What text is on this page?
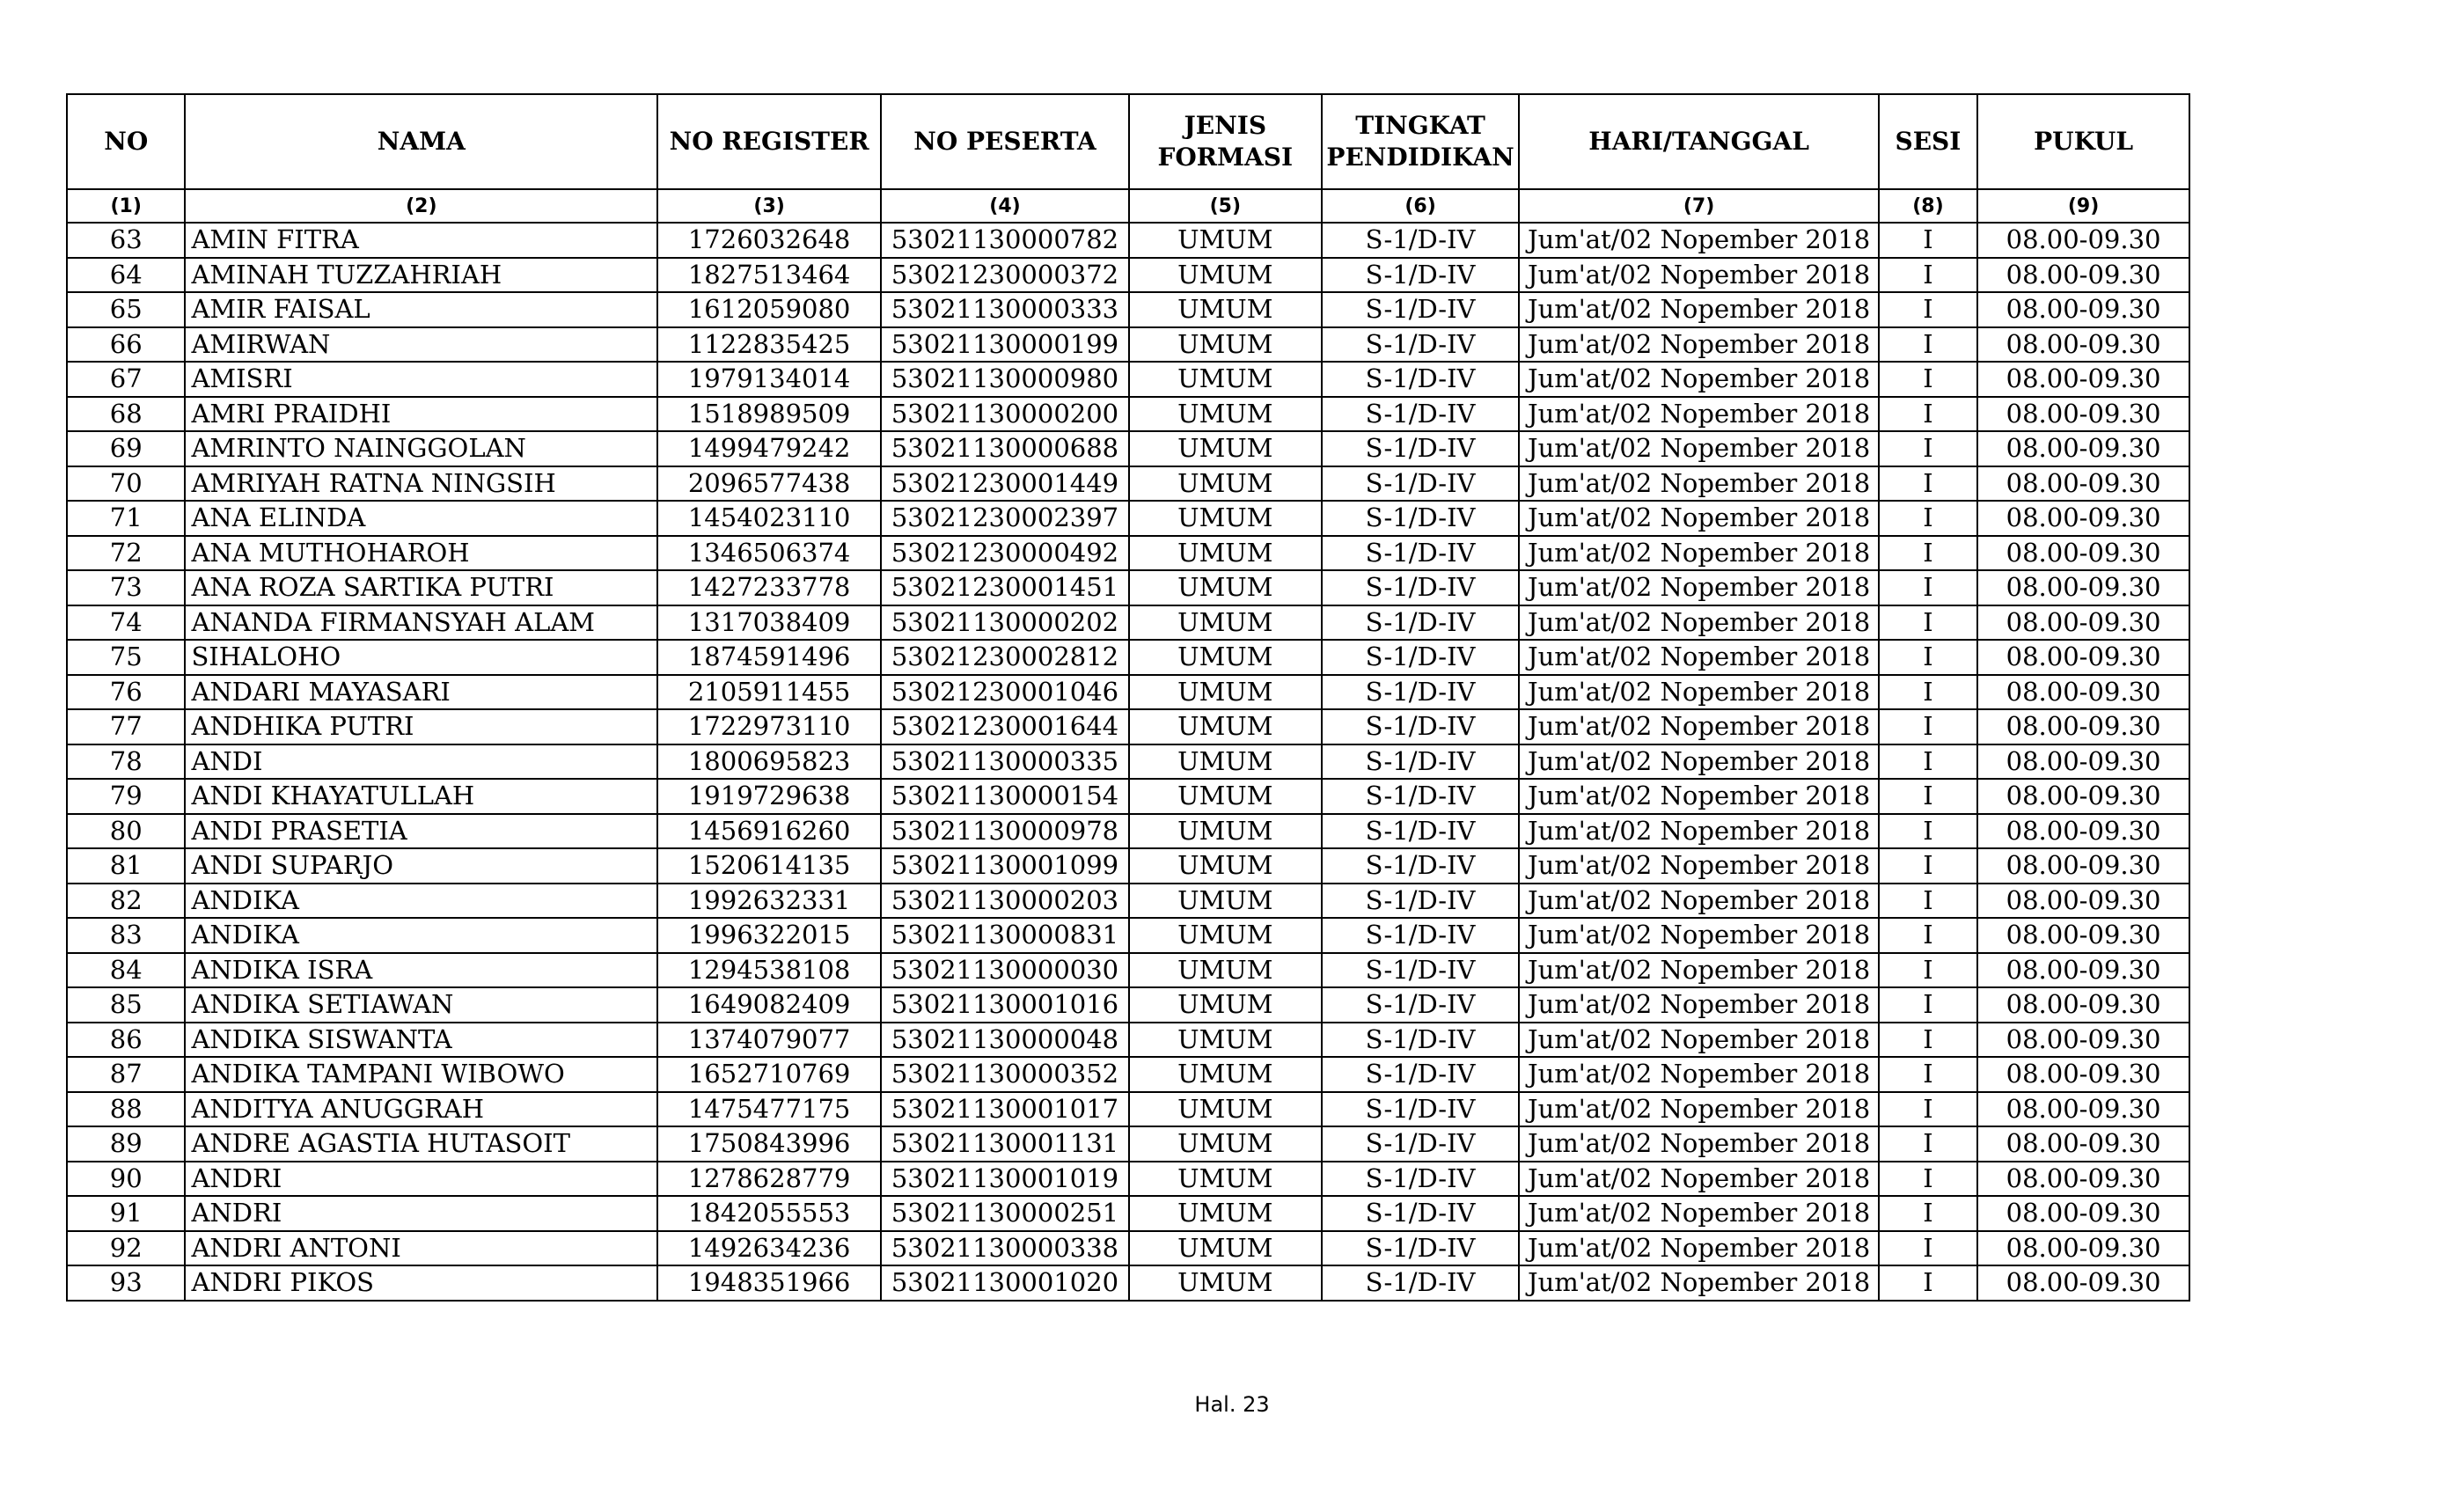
NO	NAMA	NO REGISTER	NO PESERTA	JENIS FORMASI	TINGKAT PENDIDIKAN	HARI/TANGGAL	SESI	PUKUL
(1)	(2)	(3)	(4)	(5)	(6)	(7)	(8)	(9)
63	AMIN FITRA	1726032648	53021130000782	UMUM	S-1/D-IV	Jum'at/02 Nopember 2018	I	08.00-09.30
64	AMINAH TUZZAHRIAH	1827513464	53021230000372	UMUM	S-1/D-IV	Jum'at/02 Nopember 2018	I	08.00-09.30
65	AMIR FAISAL	1612059080	53021130000333	UMUM	S-1/D-IV	Jum'at/02 Nopember 2018	I	08.00-09.30
66	AMIRWAN	1122835425	53021130000199	UMUM	S-1/D-IV	Jum'at/02 Nopember 2018	I	08.00-09.30
67	AMISRI	1979134014	53021130000980	UMUM	S-1/D-IV	Jum'at/02 Nopember 2018	I	08.00-09.30
68	AMRI PRAIDHI	1518989509	53021130000200	UMUM	S-1/D-IV	Jum'at/02 Nopember 2018	I	08.00-09.30
69	AMRINTO NAINGGOLAN	1499479242	53021130000688	UMUM	S-1/D-IV	Jum'at/02 Nopember 2018	I	08.00-09.30
70	AMRIYAH RATNA NINGSIH	2096577438	53021230001449	UMUM	S-1/D-IV	Jum'at/02 Nopember 2018	I	08.00-09.30
71	ANA ELINDA	1454023110	53021230002397	UMUM	S-1/D-IV	Jum'at/02 Nopember 2018	I	08.00-09.30
72	ANA MUTHOHAROH	1346506374	53021230000492	UMUM	S-1/D-IV	Jum'at/02 Nopember 2018	I	08.00-09.30
73	ANA ROZA SARTIKA PUTRI	1427233778	53021230001451	UMUM	S-1/D-IV	Jum'at/02 Nopember 2018	I	08.00-09.30
74	ANANDA FIRMANSYAH ALAM	1317038409	53021130000202	UMUM	S-1/D-IV	Jum'at/02 Nopember 2018	I	08.00-09.30
75	SIHALOHO	1874591496	53021230002812	UMUM	S-1/D-IV	Jum'at/02 Nopember 2018	I	08.00-09.30
76	ANDARI MAYASARI	2105911455	53021230001046	UMUM	S-1/D-IV	Jum'at/02 Nopember 2018	I	08.00-09.30
77	ANDHIKA PUTRI	1722973110	53021230001644	UMUM	S-1/D-IV	Jum'at/02 Nopember 2018	I	08.00-09.30
78	ANDI	1800695823	53021130000335	UMUM	S-1/D-IV	Jum'at/02 Nopember 2018	I	08.00-09.30
79	ANDI KHAYATULLAH	1919729638	53021130000154	UMUM	S-1/D-IV	Jum'at/02 Nopember 2018	I	08.00-09.30
80	ANDI PRASETIA	1456916260	53021130000978	UMUM	S-1/D-IV	Jum'at/02 Nopember 2018	I	08.00-09.30
81	ANDI SUPARJO	1520614135	53021130001099	UMUM	S-1/D-IV	Jum'at/02 Nopember 2018	I	08.00-09.30
82	ANDIKA	1992632331	53021130000203	UMUM	S-1/D-IV	Jum'at/02 Nopember 2018	I	08.00-09.30
83	ANDIKA	1996322015	53021130000831	UMUM	S-1/D-IV	Jum'at/02 Nopember 2018	I	08.00-09.30
84	ANDIKA ISRA	1294538108	53021130000030	UMUM	S-1/D-IV	Jum'at/02 Nopember 2018	I	08.00-09.30
85	ANDIKA SETIAWAN	1649082409	53021130001016	UMUM	S-1/D-IV	Jum'at/02 Nopember 2018	I	08.00-09.30
86	ANDIKA SISWANTA	1374079077	53021130000048	UMUM	S-1/D-IV	Jum'at/02 Nopember 2018	I	08.00-09.30
87	ANDIKA TAMPANI WIBOWO	1652710769	53021130000352	UMUM	S-1/D-IV	Jum'at/02 Nopember 2018	I	08.00-09.30
88	ANDITYA ANUGGRAH	1475477175	53021130001017	UMUM	S-1/D-IV	Jum'at/02 Nopember 2018	I	08.00-09.30
89	ANDRE AGASTIA HUTASOIT	1750843996	53021130001131	UMUM	S-1/D-IV	Jum'at/02 Nopember 2018	I	08.00-09.30
90	ANDRI	1278628779	53021130001019	UMUM	S-1/D-IV	Jum'at/02 Nopember 2018	I	08.00-09.30
91	ANDRI	1842055553	53021130000251	UMUM	S-1/D-IV	Jum'at/02 Nopember 2018	I	08.00-09.30
92	ANDRI ANTONI	1492634236	53021130000338	UMUM	S-1/D-IV	Jum'at/02 Nopember 2018	I	08.00-09.30
93	ANDRI PIKOS	1948351966	53021130001020	UMUM	S-1/D-IV	Jum'at/02 Nopember 2018	I	08.00-09.30
Hal. 23
